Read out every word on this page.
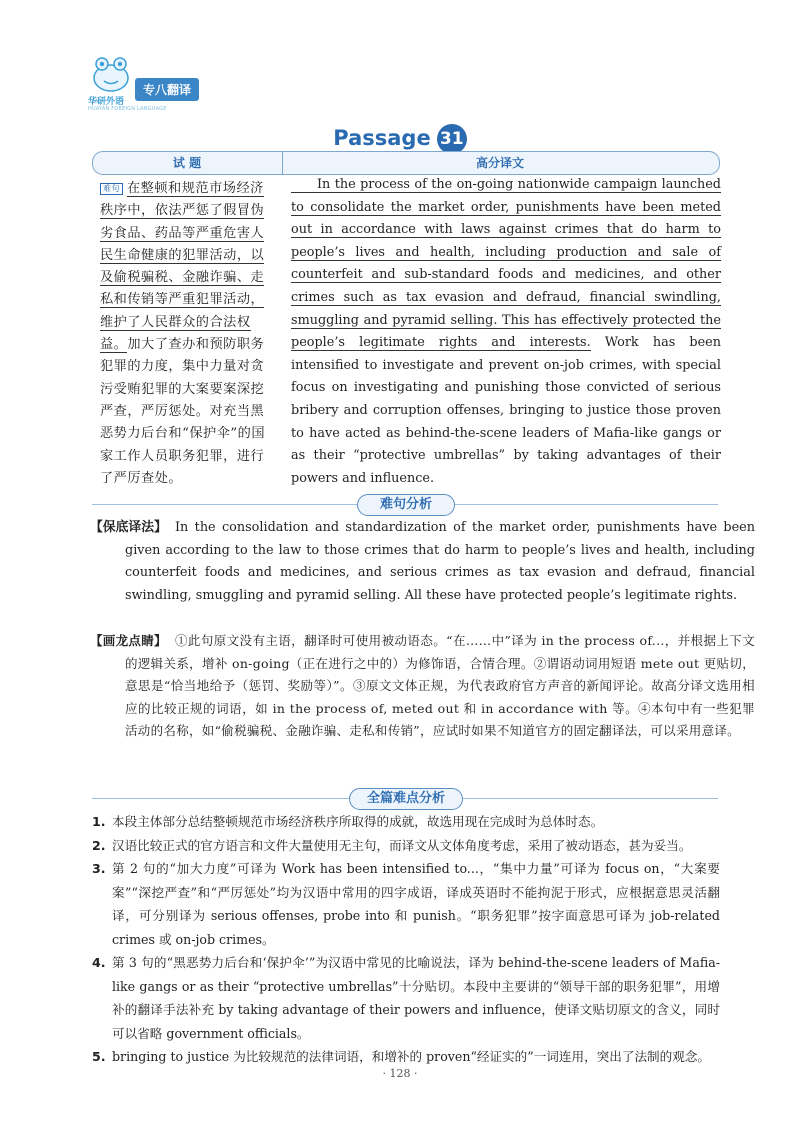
华研外语
HUAYAN FOREIGN LANGUAGE
专八翻译
Passage 31
试 题	高分译文
难句 在整顿和规范市场经济秩序中，依法严惩了假冒伪劣食品、药品等严重危害人民生命健康的犯罪活动，以及偷税骗税、金融诈骗、走私和传销等严重犯罪活动，维护了人民群众的合法权益。加大了查办和预防职务犯罪的力度，集中力量对贪污受贿犯罪的大案要案深挖严查，严厉惩处。对充当黑恶势力后台和“保护伞”的国家工作人员职务犯罪，进行了严厉查处。
In the process of the on-going nationwide campaign launched to consolidate the market order, punishments have been meted out in accordance with laws against crimes that do harm to people’s lives and health, including production and sale of counterfeit and sub-standard foods and medicines, and other crimes such as tax evasion and defraud, financial swindling, smuggling and pyramid selling. This has effectively protected the people’s legitimate rights and interests. Work has been intensified to investigate and prevent on-job crimes, with special focus on investigating and punishing those convicted of serious bribery and corruption offenses, bringing to justice those proven to have acted as behind-the-scene leaders of Mafia-like gangs or as their “protective umbrellas” by taking advantages of their powers and influence.
难句分析
【保底译法】 In the consolidation and standardization of the market order, punishments have been given according to the law to those crimes that do harm to people’s lives and health, including counterfeit foods and medicines, and serious crimes as tax evasion and defraud, financial swindling, smuggling and pyramid selling. All these have protected people’s legitimate rights.
【画龙点睛】 ①此句原文没有主语，翻译时可使用被动语态。“在……中”译为 in the process of...，并根据上下文的逻辑关系，增补 on-going（正在进行之中的）为修饰语，合情合理。②谓语动词用短语 mete out 更贴切，意思是“恰当地给予（惩罚、奖励等）”。③原文文体正规，为代表政府官方声音的新闻评论。故高分译文选用相应的比较正规的词语，如 in the process of, meted out 和 in accordance with 等。④本句中有一些犯罪活动的名称，如“偷税骗税、金融诈骗、走私和传销”，应试时如果不知道官方的固定翻译法，可以采用意译。
全篇难点分析
1. 本段主体部分总结整顿规范市场经济秩序所取得的成就，故选用现在完成时为总体时态。
2. 汉语比较正式的官方语言和文件大量使用无主句，而译文从文体角度考虑，采用了被动语态，甚为妥当。
3. 第 2 句的“加大力度”可译为 Work has been intensified to...，“集中力量”可译为 focus on，“大案要案”“深挖严查”和“严厉惩处”均为汉语中常用的四字成语，译成英语时不能拘泥于形式，应根据意思灵活翻译，可分别译为 serious offenses, probe into 和 punish。“职务犯罪”按字面意思可译为 job-related crimes 或 on-job crimes。
4. 第 3 句的“黑恶势力后台和‘保护伞’”为汉语中常见的比喻说法，译为 behind-the-scene leaders of Mafia-like gangs or as their “protective umbrellas”十分贴切。本段中主要讲的“领导干部的职务犯罪”，用增补的翻译手法补充 by taking advantage of their powers and influence，使译文贴切原文的含义，同时可以省略 government officials。
5. bringing to justice 为比较规范的法律词语，和增补的 proven“经证实的”一词连用，突出了法制的观念。
· 128 ·
